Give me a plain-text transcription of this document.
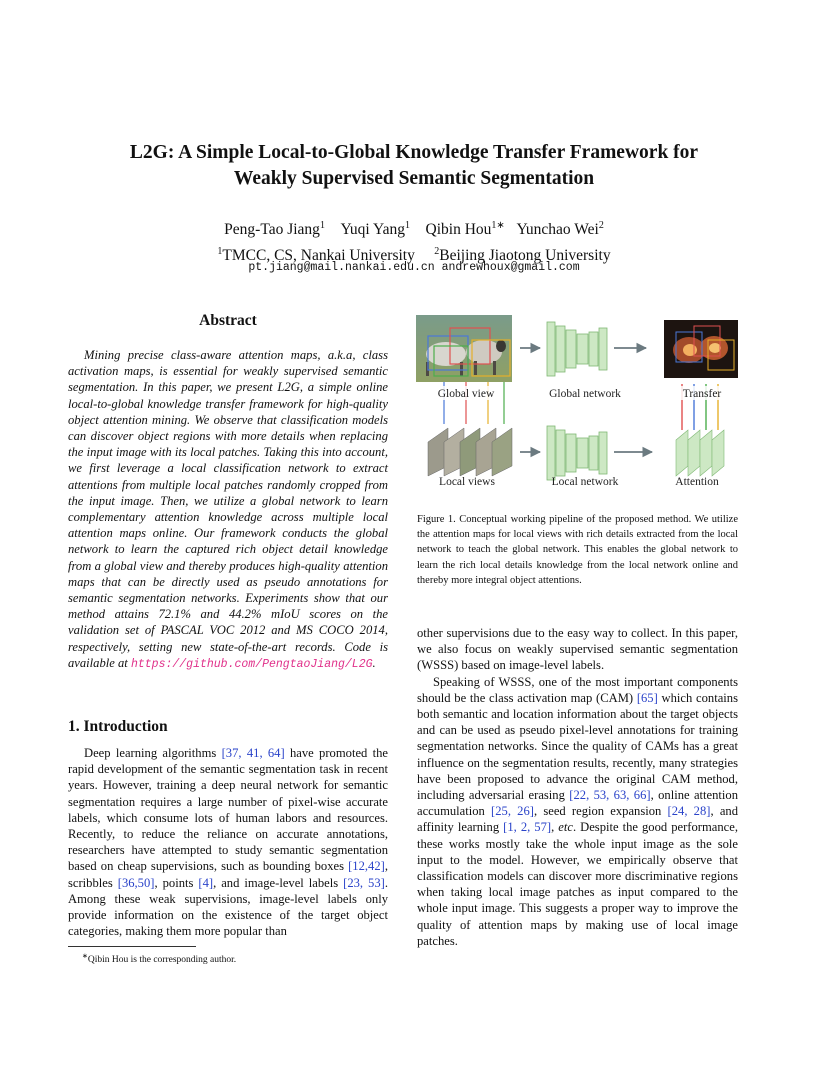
L2G: A Simple Local-to-Global Knowledge Transfer Framework for
Weakly Supervised Semantic Segmentation
Peng-Tao Jiang$^1$ Yuqi Yang$^1$ Qibin Hou$^{1∗}$ Yunchao Wei$^2$
$^1$TMCC, CS, Nankai University $^2$Beijing Jiaotong University
pt.jiang@mail.nankai.edu.cn andrewhoux@gmail.com
Abstract
Mining precise class-aware attention maps, a.k.a, class activation maps, is essential for weakly supervised semantic segmentation. In this paper, we present L2G, a simple online local-to-global knowledge transfer framework for high-quality object attention mining. We observe that classification models can discover object regions with more details when replacing the input image with its local patches. Taking this into account, we first leverage a local classification network to extract attentions from multiple local patches randomly cropped from the input image. Then, we utilize a global network to learn complementary attention knowledge across multiple local attention maps online. Our framework conducts the global network to learn the captured rich object detail knowledge from a global view and thereby produces high-quality attention maps that can be directly used as pseudo annotations for semantic segmentation networks. Experiments show that our method attains 72.1% and 44.2% mIoU scores on the validation set of PASCAL VOC 2012 and MS COCO 2014, respectively, setting new state-of-the-art records. Code is available at https://github.com/PengtaoJiang/L2G.
1. Introduction
Deep learning algorithms [37, 41, 64] have promoted the rapid development of the semantic segmentation task in recent years. However, training a deep neural network for semantic segmentation requires a large number of pixel-wise accurate labels, which consume lots of human labors and resources. Recently, to reduce the reliance on accurate annotations, researchers have attempted to study semantic segmentation based on cheap supervisions, such as bounding boxes [12,42], scribbles [36,50], points [4], and image-level labels [23, 53]. Among these weak supervisions, image-level labels only provide information on the existence of the target object categories, making them more popular than
∗Qibin Hou is the corresponding author.
Global view	Global network	Transfer
Local views	Local network	Attention
Figure 1. Conceptual working pipeline of the proposed method. We utilize the attention maps for local views with rich details extracted from the local network to teach the global network. This enables the global network to learn the rich local details knowledge from the local network online and thereby more integral object attentions.
other supervisions due to the easy way to collect. In this paper, we also focus on weakly supervised semantic segmentation (WSSS) based on image-level labels.
Speaking of WSSS, one of the most important components should be the class activation map (CAM) [65] which contains both semantic and location information about the target objects and can be used as pseudo pixel-level annotations for training segmentation networks. Since the quality of CAMs has a great influence on the segmentation results, recently, many strategies have been proposed to advance the original CAM method, including adversarial erasing [22, 53, 63, 66], online attention accumulation [25, 26], seed region expansion [24, 28], and affinity learning [1, 2, 57], etc. Despite the good performance, these works mostly take the whole input image as the sole input to the model. However, we empirically observe that classification models can discover more discriminative regions when taking local image patches as input compared to the whole input image. This suggests a proper way to improve the quality of attention maps by making use of local image patches.
